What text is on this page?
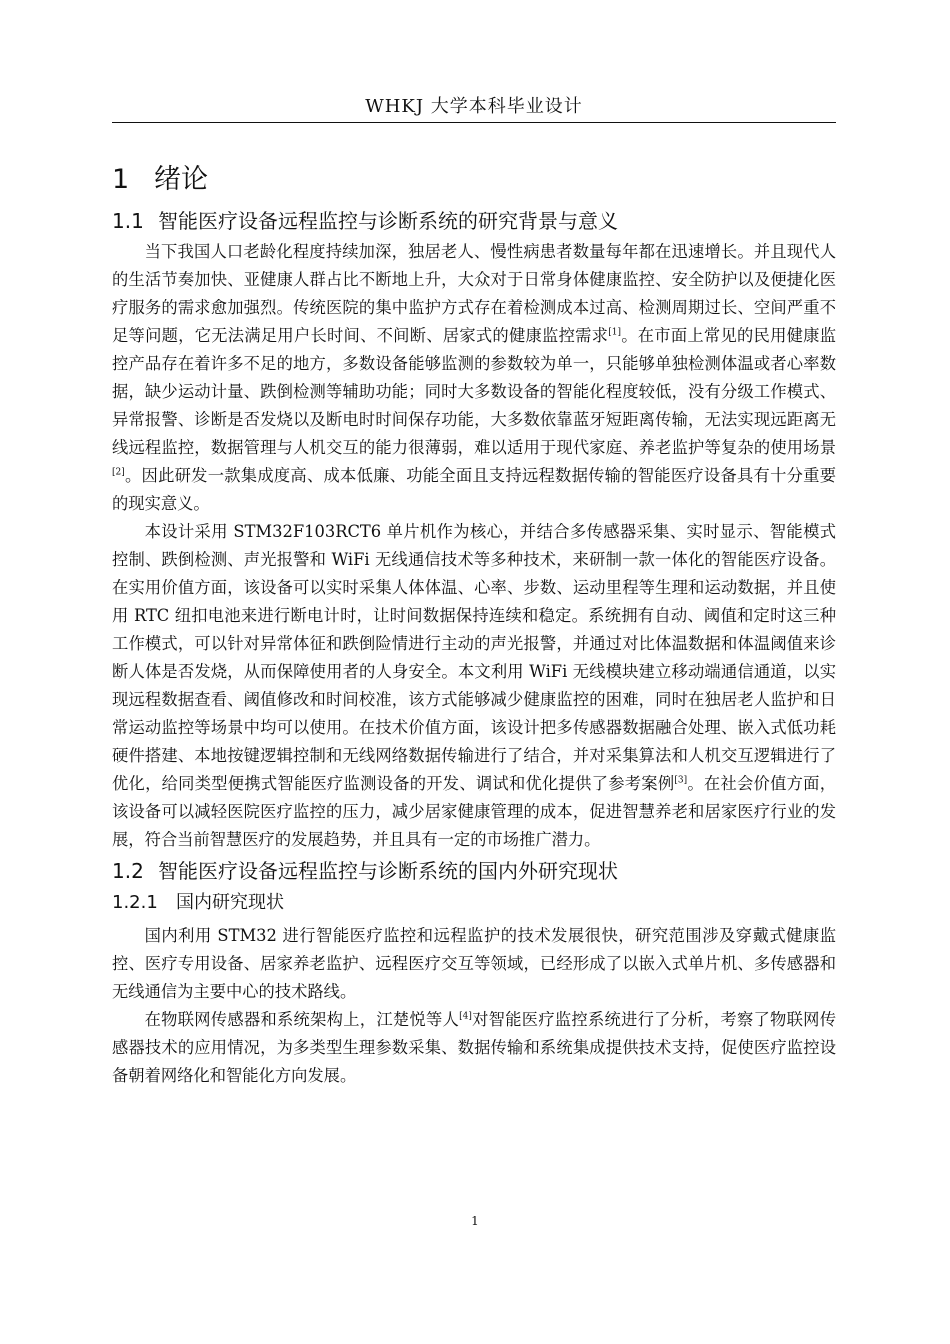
WHKJ 大学本科毕业设计
1 绪论
1.1 智能医疗设备远程监控与诊断系统的研究背景与意义

当下我国人口老龄化程度持续加深，独居老人、慢性病患者数量每年都在迅速增长。并且现代人的生活节奏加快、亚健康人群占比不断地上升，大众对于日常身体健康监控、安全防护以及便捷化医疗服务的需求愈加强烈。传统医院的集中监护方式存在着检测成本过高、检测周期过长、空间严重不足等问题，它无法满足用户长时间、不间断、居家式的健康监控需求[1]。在市面上常见的民用健康监控产品存在着许多不足的地方，多数设备能够监测的参数较为单一，只能够单独检测体温或者心率数据，缺少运动计量、跌倒检测等辅助功能；同时大多数设备的智能化程度较低，没有分级工作模式、异常报警、诊断是否发烧以及断电时时间保存功能，大多数依靠蓝牙短距离传输，无法实现远距离无线远程监控，数据管理与人机交互的能力很薄弱，难以适用于现代家庭、养老监护等复杂的使用场景[2]。因此研发一款集成度高、成本低廉、功能全面且支持远程数据传输的智能医疗设备具有十分重要的现实意义。

本设计采用 STM32F103RCT6 单片机作为核心，并结合多传感器采集、实时显示、智能模式控制、跌倒检测、声光报警和 WiFi 无线通信技术等多种技术，来研制一款一体化的智能医疗设备。在实用价值方面，该设备可以实时采集人体体温、心率、步数、运动里程等生理和运动数据，并且使用 RTC 纽扣电池来进行断电计时，让时间数据保持连续和稳定。系统拥有自动、阈值和定时这三种工作模式，可以针对异常体征和跌倒险情进行主动的声光报警，并通过对比体温数据和体温阈值来诊断人体是否发烧，从而保障使用者的人身安全。本文利用 WiFi 无线模块建立移动端通信通道，以实现远程数据查看、阈值修改和时间校准，该方式能够减少健康监控的困难，同时在独居老人监护和日常运动监控等场景中均可以使用。在技术价值方面，该设计把多传感器数据融合处理、嵌入式低功耗硬件搭建、本地按键逻辑控制和无线网络数据传输进行了结合，并对采集算法和人机交互逻辑进行了优化，给同类型便携式智能医疗监测设备的开发、调试和优化提供了参考案例[3]。在社会价值方面，该设备可以减轻医院医疗监控的压力，减少居家健康管理的成本，促进智慧养老和居家医疗行业的发展，符合当前智慧医疗的发展趋势，并且具有一定的市场推广潜力。

1.2 智能医疗设备远程监控与诊断系统的国内外研究现状
1.2.1 国内研究现状

国内利用 STM32 进行智能医疗监控和远程监护的技术发展很快，研究范围涉及穿戴式健康监控、医疗专用设备、居家养老监护、远程医疗交互等领域，已经形成了以嵌入式单片机、多传感器和无线通信为主要中心的技术路线。

在物联网传感器和系统架构上，江楚悦等人[4]对智能医疗监控系统进行了分析，考察了物联网传感器技术的应用情况，为多类型生理参数采集、数据传输和系统集成提供技术支持，促使医疗监控设备朝着网络化和智能化方向发展。

1
